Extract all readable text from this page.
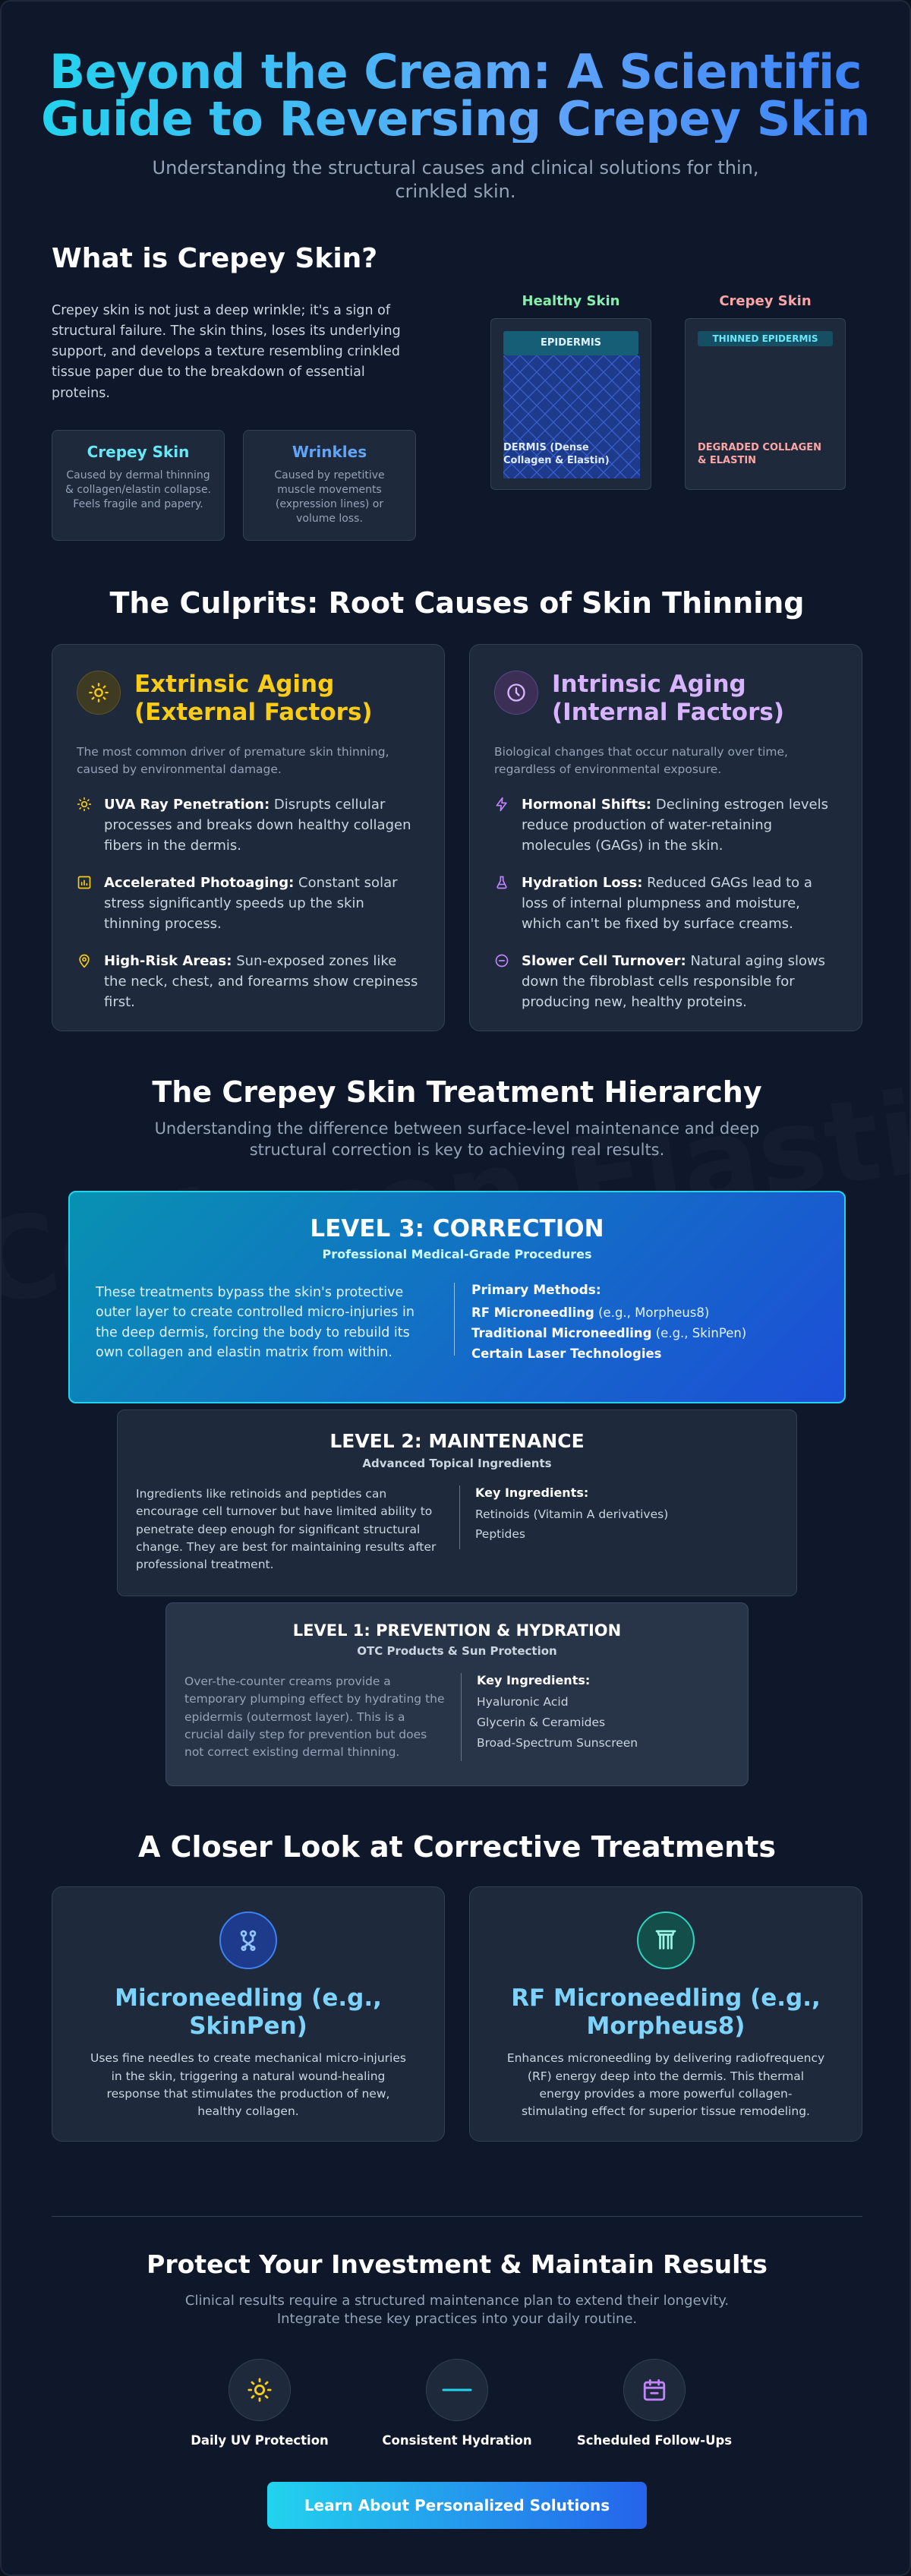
Beyond the Cream: A Scientific Guide to Reversing Crepey Skin

Understanding the structural causes and clinical solutions for thin, crinkled skin.

What is Crepey Skin?

Crepey skin is not just a deep wrinkle; it's a sign of structural failure. The skin thins, loses its underlying support, and develops a texture resembling crinkled tissue paper due to the breakdown of essential proteins.

Crepey Skin
Caused by dermal thinning & collagen/elastin collapse. Feels fragile and papery.
Wrinkles
Caused by repetitive muscle movements (expression lines) or volume loss.
Healthy Skin
EPIDERMIS
DERMIS (Dense Collagen & Elastin)
Crepey Skin
THINNED EPIDERMIS
DEGRADED COLLAGEN & ELASTIN
The Culprits: Root Causes of Skin Thinning
Extrinsic Aging (External Factors)

The most common driver of premature skin thinning, caused by environmental damage.

UVA Ray Penetration: Disrupts cellular processes and breaks down healthy collagen fibers in the dermis.
Accelerated Photoaging: Constant solar stress significantly speeds up the skin thinning process.
High-Risk Areas: Sun-exposed zones like the neck, chest, and forearms show crepiness first.
Intrinsic Aging (Internal Factors)

Biological changes that occur naturally over time, regardless of environmental exposure.

Hormonal Shifts: Declining estrogen levels reduce production of water-retaining molecules (GAGs) in the skin.
Hydration Loss: Reduced GAGs lead to a loss of internal plumpness and moisture, which can't be fixed by surface creams.
Slower Cell Turnover: Natural aging slows down the fibroblast cells responsible for producing new, healthy proteins.
The Crepey Skin Treatment Hierarchy

Understanding the difference between surface-level maintenance and deep structural correction is key to achieving real results.

LEVEL 3: CORRECTION
Professional Medical-Grade Procedures
These treatments bypass the skin's protective outer layer to create controlled micro-injuries in the deep dermis, forcing the body to rebuild its own collagen and elastin matrix from within.
Primary Methods:
RF Microneedling (e.g., Morpheus8)
Traditional Microneedling (e.g., SkinPen)
Certain Laser Technologies
LEVEL 2: MAINTENANCE
Advanced Topical Ingredients
Ingredients like retinoids and peptides can encourage cell turnover but have limited ability to penetrate deep enough for significant structural change. They are best for maintaining results after professional treatment.
Key Ingredients:
Retinoids (Vitamin A derivatives)
Peptides
LEVEL 1: PREVENTION & HYDRATION
OTC Products & Sun Protection
Over-the-counter creams provide a temporary plumping effect by hydrating the epidermis (outermost layer). This is a crucial daily step for prevention but does not correct existing dermal thinning.
Key Ingredients:
Hyaluronic Acid
Glycerin & Ceramides
Broad-Spectrum Sunscreen
A Closer Look at Corrective Treatments
Microneedling (e.g., SkinPen)
Uses fine needles to create mechanical micro-injuries in the skin, triggering a natural wound-healing response that stimulates the production of new, healthy collagen.
RF Microneedling (e.g., Morpheus8)
Enhances microneedling by delivering radiofrequency (RF) energy deep into the dermis. This thermal energy provides a more powerful collagen-stimulating effect for superior tissue remodeling.
Protect Your Investment & Maintain Results

Clinical results require a structured maintenance plan to extend their longevity. Integrate these key practices into your daily routine.

Daily UV Protection	Consistent Hydration	Scheduled Follow-Ups
Learn About Personalized Solutions
